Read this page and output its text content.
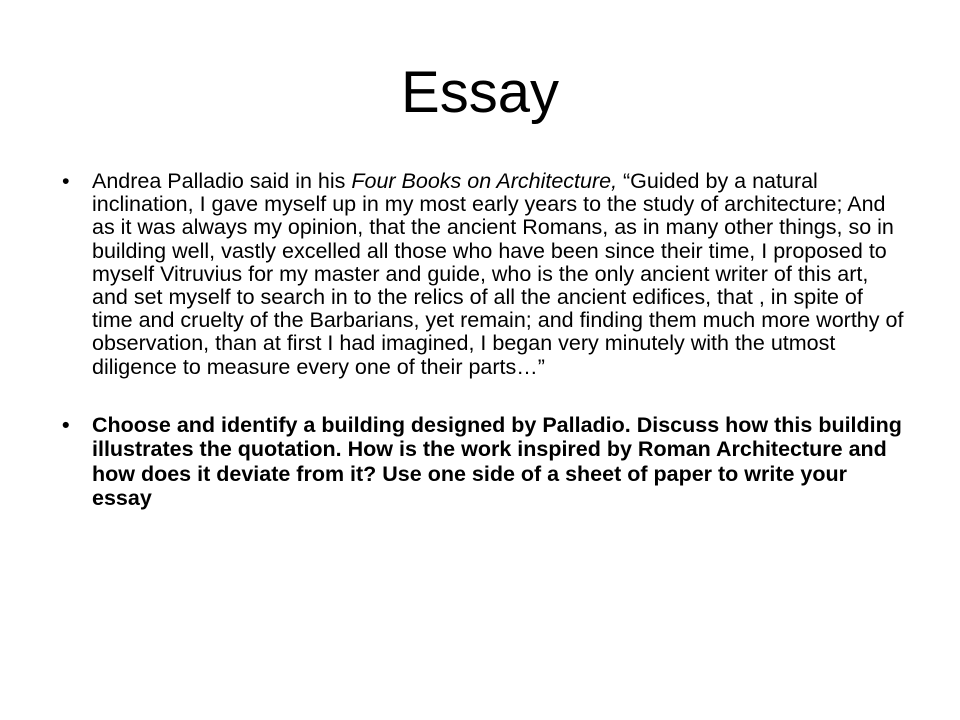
Essay
• Andrea Palladio said in his Four Books on Architecture, “Guided by a natural inclination, I gave myself up in my most early years to the study of architecture; And as it was always my opinion, that the ancient Romans, as in many other things, so in building well, vastly excelled all those who have been since their time, I proposed to myself Vitruvius for my master and guide, who is the only ancient writer of this art, and set myself to search in to the relics of all the ancient edifices, that , in spite of time and cruelty of the Barbarians, yet remain; and finding them much more worthy of observation, than at first I had imagined, I began very minutely with the utmost diligence to measure every one of their parts…”
• Choose and identify a building designed by Palladio. Discuss how this building illustrates the quotation. How is the work inspired by Roman Architecture and how does it deviate from it? Use one side of a sheet of paper to write your essay
